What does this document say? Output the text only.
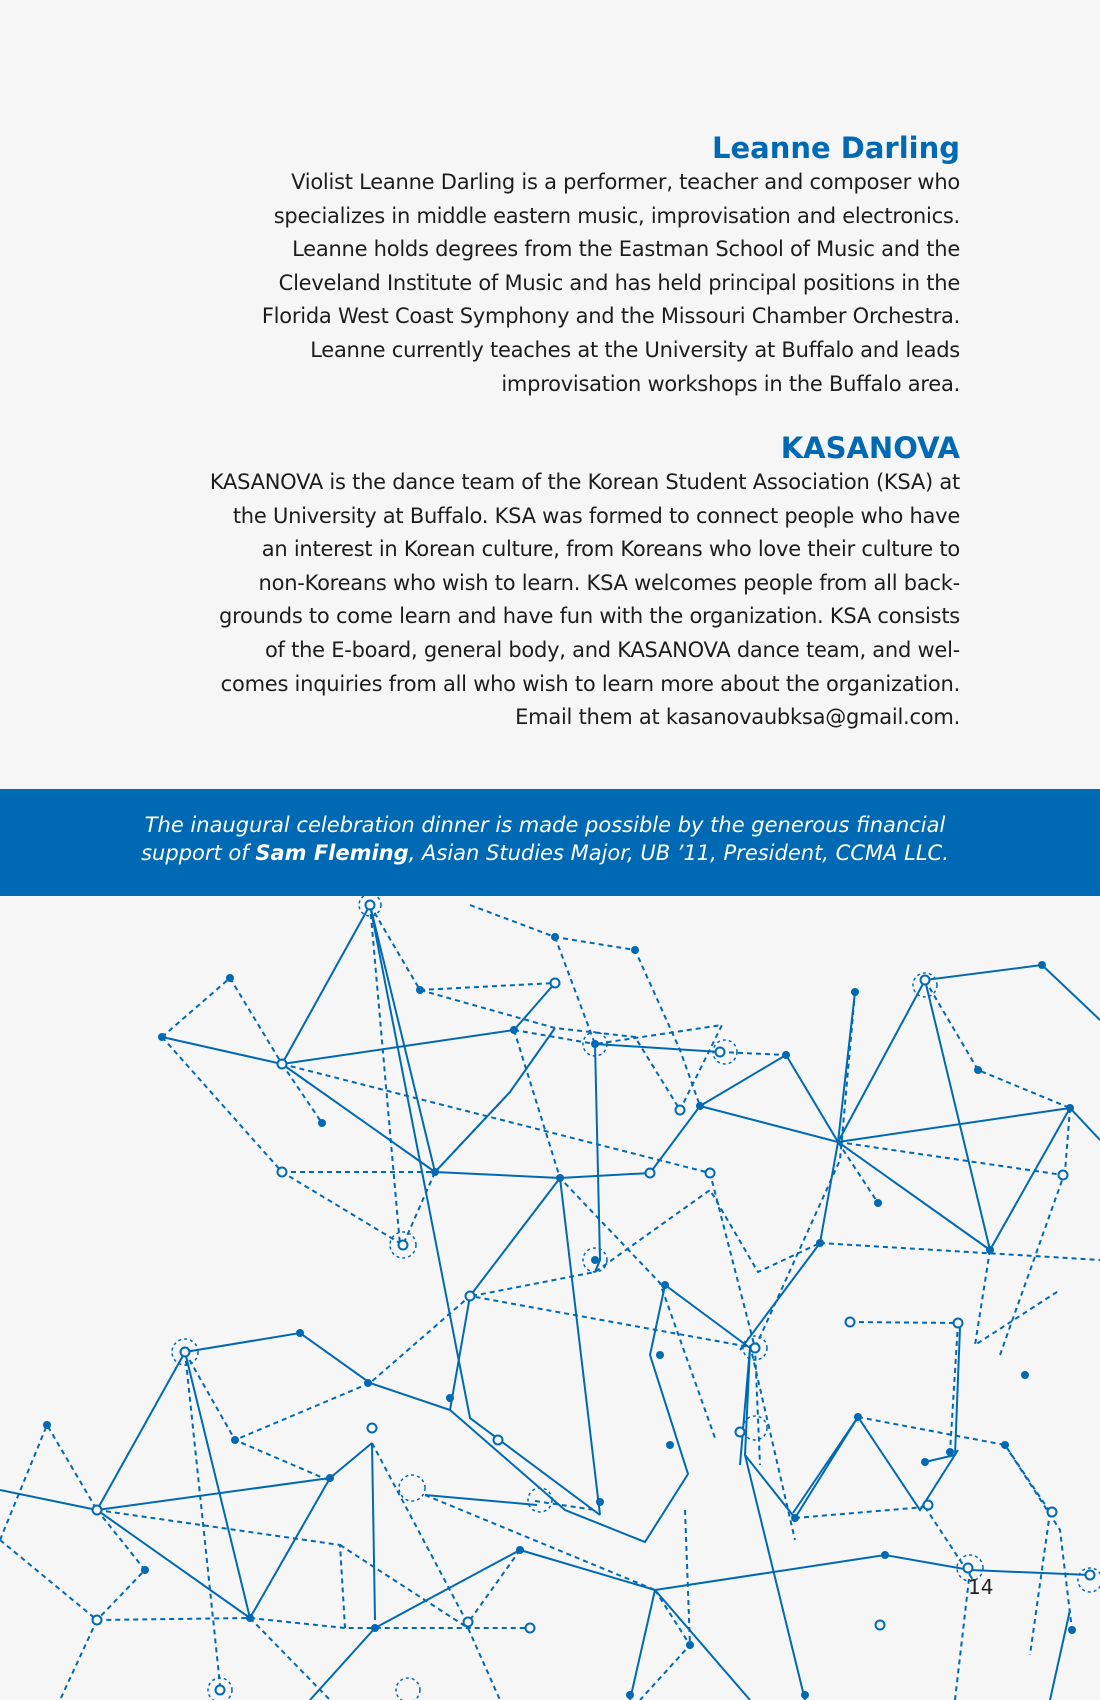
Leanne Darling

Violist Leanne Darling is a performer, teacher and composer who
specializes in middle eastern music, improvisation and electronics.
Leanne holds degrees from the Eastman School of Music and the
Cleveland Institute of Music and has held principal positions in the
Florida West Coast Symphony and the Missouri Chamber Orchestra.
Leanne currently teaches at the University at Buffalo and leads
improvisation workshops in the Buffalo area.

KASANOVA

KASANOVA is the dance team of the Korean Student Association (KSA) at
the University at Buffalo. KSA was formed to connect people who have
an interest in Korean culture, from Koreans who love their culture to
non-Koreans who wish to learn. KSA welcomes people from all back-
grounds to come learn and have fun with the organization. KSA consists
of the E-board, general body, and KASANOVA dance team, and wel-
comes inquiries from all who wish to learn more about the organization.
Email them at kasanovaubksa@gmail.com.

The inaugural celebration dinner is made possible by the generous financial
support of Sam Fleming, Asian Studies Major, UB ’11, President, CCMA LLC.

14
